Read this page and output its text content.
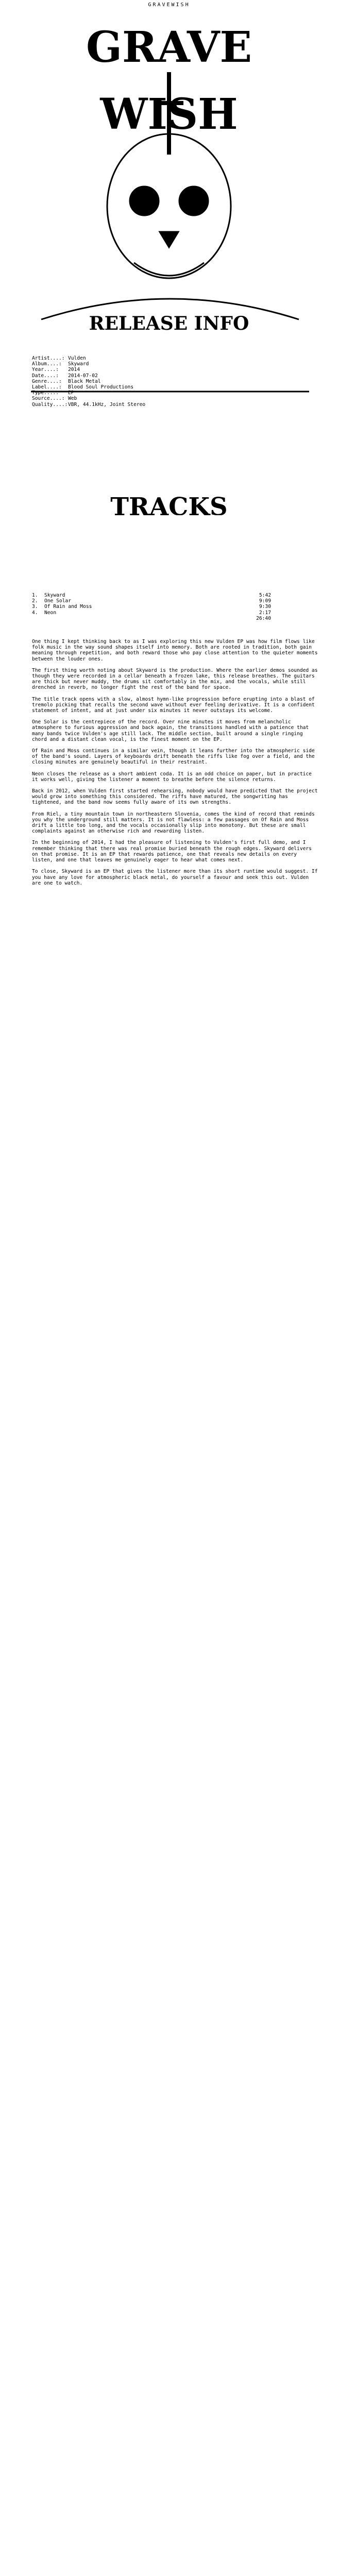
GRAVE
WISH
RELEASE INFO
TRACKS
GRAVEWISH
Artist....: Vulden
Album....:	Skyward
Year....:	2014
Date....:	2014-07-02
Genre....:	Black Metal
Label....:	Blood Soul Productions
Type....:	EP
Source....: Web
Quality....: VBR, 44.1kHz, Joint Stereo
1.	Skyward	5:42
2.	One Solar	9:09
3.	Of Rain and Moss	9:30
4.	Neon	2:17
26:40

One thing I kept thinking back to as I was exploring this new Vulden EP was how film flows like folk music in the way sound shapes itself into memory. Both are rooted in tradition, both gain meaning through repetition, and both reward those who pay close attention to the quieter moments between the louder ones.

The first thing worth noting about Skyward is the production. Where the earlier demos sounded as though they were recorded in a cellar beneath a frozen lake, this release breathes. The guitars are thick but never muddy, the drums sit comfortably in the mix, and the vocals, while still drenched in reverb, no longer fight the rest of the band for space.

The title track opens with a slow, almost hymn-like progression before erupting into a blast of tremolo picking that recalls the second wave without ever feeling derivative. It is a confident statement of intent, and at just under six minutes it never outstays its welcome.

One Solar is the centrepiece of the record. Over nine minutes it moves from melancholic atmosphere to furious aggression and back again, the transitions handled with a patience that many bands twice Vulden's age still lack. The middle section, built around a single ringing chord and a distant clean vocal, is the finest moment on the EP.

Of Rain and Moss continues in a similar vein, though it leans further into the atmospheric side of the band's sound. Layers of keyboards drift beneath the riffs like fog over a field, and the closing minutes are genuinely beautiful in their restraint.

Neon closes the release as a short ambient coda. It is an odd choice on paper, but in practice it works well, giving the listener a moment to breathe before the silence returns.

Back in 2012, when Vulden first started rehearsing, nobody would have predicted that the project would grow into something this considered. The riffs have matured, the songwriting has tightened, and the band now seems fully aware of its own strengths.

From Riel, a tiny mountain town in northeastern Slovenia, comes the kind of record that reminds you why the underground still matters. It is not flawless: a few passages on Of Rain and Moss drift a little too long, and the vocals occasionally slip into monotony. But these are small complaints against an otherwise rich and rewarding listen.

In the beginning of 2014, I had the pleasure of listening to Vulden's first full demo, and I remember thinking that there was real promise buried beneath the rough edges. Skyward delivers on that promise. It is an EP that rewards patience, one that reveals new details on every listen, and one that leaves me genuinely eager to hear what comes next.

To close, Skyward is an EP that gives the listener more than its short runtime would suggest. If you have any love for atmospheric black metal, do yourself a favour and seek this out. Vulden are one to watch.
